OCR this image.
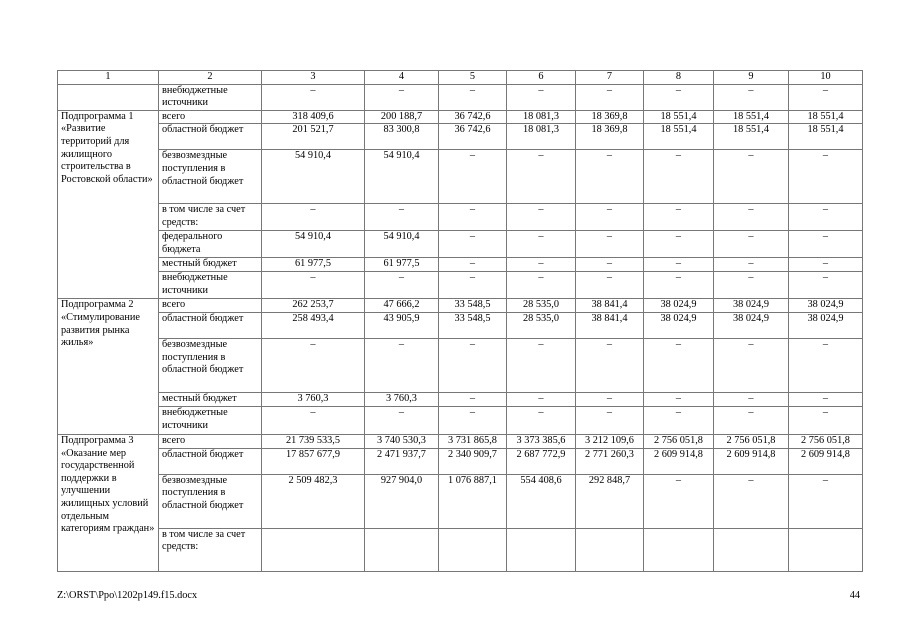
1	2	3	4	5	6	7	8	9	10
	внебюджетные источники	–	–	–	–	–	–	–	–
Подпрограмма 1 «Развитие территорий для жилищного строительства в Ростовской области»	всего	318 409,6	200 188,7	36 742,6	18 081,3	18 369,8	18 551,4	18 551,4	18 551,4
	областной бюджет	201 521,7	83 300,8	36 742,6	18 081,3	18 369,8	18 551,4	18 551,4	18 551,4
	безвозмездные поступления в областной бюджет	54 910,4	54 910,4	–	–	–	–	–	–
	в том числе за счет средств:	–	–	–	–	–	–	–	–
	федерального бюджета	54 910,4	54 910,4	–	–	–	–	–	–
	местный бюджет	61 977,5	61 977,5	–	–	–	–	–	–
	внебюджетные источники	–	–	–	–	–	–	–	–
Подпрограмма 2 «Стимулирование развития рынка жилья»	всего	262 253,7	47 666,2	33 548,5	28 535,0	38 841,4	38 024,9	38 024,9	38 024,9
	областной бюджет	258 493,4	43 905,9	33 548,5	28 535,0	38 841,4	38 024,9	38 024,9	38 024,9
	безвозмездные поступления в областной бюджет	–	–	–	–	–	–	–	–
	местный бюджет	3 760,3	3 760,3	–	–	–	–	–	–
	внебюджетные источники	–	–	–	–	–	–	–	–
Подпрограмма 3 «Оказание мер государственной поддержки в улучшении жилищных условий отдельным категориям граждан»	всего	21 739 533,5	3 740 530,3	3 731 865,8	3 373 385,6	3 212 109,6	2 756 051,8	2 756 051,8	2 756 051,8
	областной бюджет	17 857 677,9	2 471 937,7	2 340 909,7	2 687 772,9	2 771 260,3	2 609 914,8	2 609 914,8	2 609 914,8
	безвозмездные поступления в областной бюджет	2 509 482,3	927 904,0	1 076 887,1	554 408,6	292 848,7	–	–	–
	в том числе за счет средств:								
Z:\ORST\Ppo\1202p149.f15.docx	44
